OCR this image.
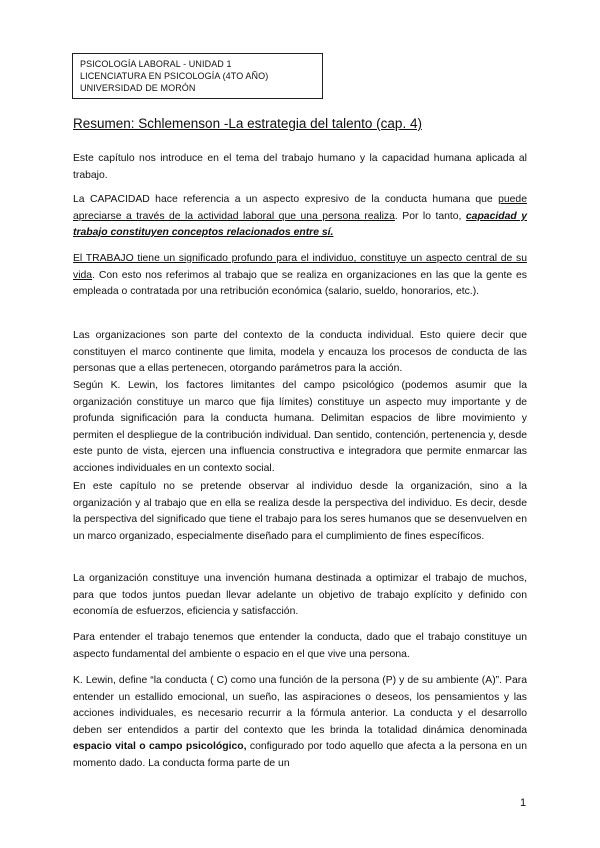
PSICOLOGÍA LABORAL - UNIDAD 1
LICENCIATURA EN PSICOLOGÍA (4TO AÑO)
UNIVERSIDAD DE MORÓN
Resumen: Schlemenson -La estrategia del talento (cap. 4)

Este capítulo nos introduce en el tema del trabajo humano y la capacidad humana aplicada al trabajo.

La CAPACIDAD hace referencia a un aspecto expresivo de la conducta humana que puede apreciarse a través de la actividad laboral que una persona realiza. Por lo tanto, capacidad y trabajo constituyen conceptos relacionados entre sí.

El TRABAJO tiene un significado profundo para el individuo, constituye un aspecto central de su vida. Con esto nos referimos al trabajo que se realiza en organizaciones en las que la gente es empleada o contratada por una retribución económica (salario, sueldo, honorarios, etc.).

Las organizaciones son parte del contexto de la conducta individual. Esto quiere decir que constituyen el marco continente que limita, modela y encauza los procesos de conducta de las personas que a ellas pertenecen, otorgando parámetros para la acción.

Según K. Lewin, los factores limitantes del campo psicológico (podemos asumir que la organización constituye un marco que fija límites) constituye un aspecto muy importante y de profunda significación para la conducta humana. Delimitan espacios de libre movimiento y permiten el despliegue de la contribución individual. Dan sentido, contención, pertenencia y, desde este punto de vista, ejercen una influencia constructiva e integradora que permite enmarcar las acciones individuales en un contexto social.

En este capítulo no se pretende observar al individuo desde la organización, sino a la organización y al trabajo que en ella se realiza desde la perspectiva del individuo. Es decir, desde la perspectiva del significado que tiene el trabajo para los seres humanos que se desenvuelven en un marco organizado, especialmente diseñado para el cumplimiento de fines específicos.

La organización constituye una invención humana destinada a optimizar el trabajo de muchos, para que todos juntos puedan llevar adelante un objetivo de trabajo explícito y definido con economía de esfuerzos, eficiencia y satisfacción.

Para entender el trabajo tenemos que entender la conducta, dado que el trabajo constituye un aspecto fundamental del ambiente o espacio en el que vive una persona.

K. Lewin, define “la conducta ( C) como una función de la persona (P) y de su ambiente (A)”. Para entender un estallido emocional, un sueño, las aspiraciones o deseos, los pensamientos y las acciones individuales, es necesario recurrir a la fórmula anterior. La conducta y el desarrollo deben ser entendidos a partir del contexto que les brinda la totalidad dinámica denominada espacio vital o campo psicológico, configurado por todo aquello que afecta a la persona en un momento dado. La conducta forma parte de un

1
